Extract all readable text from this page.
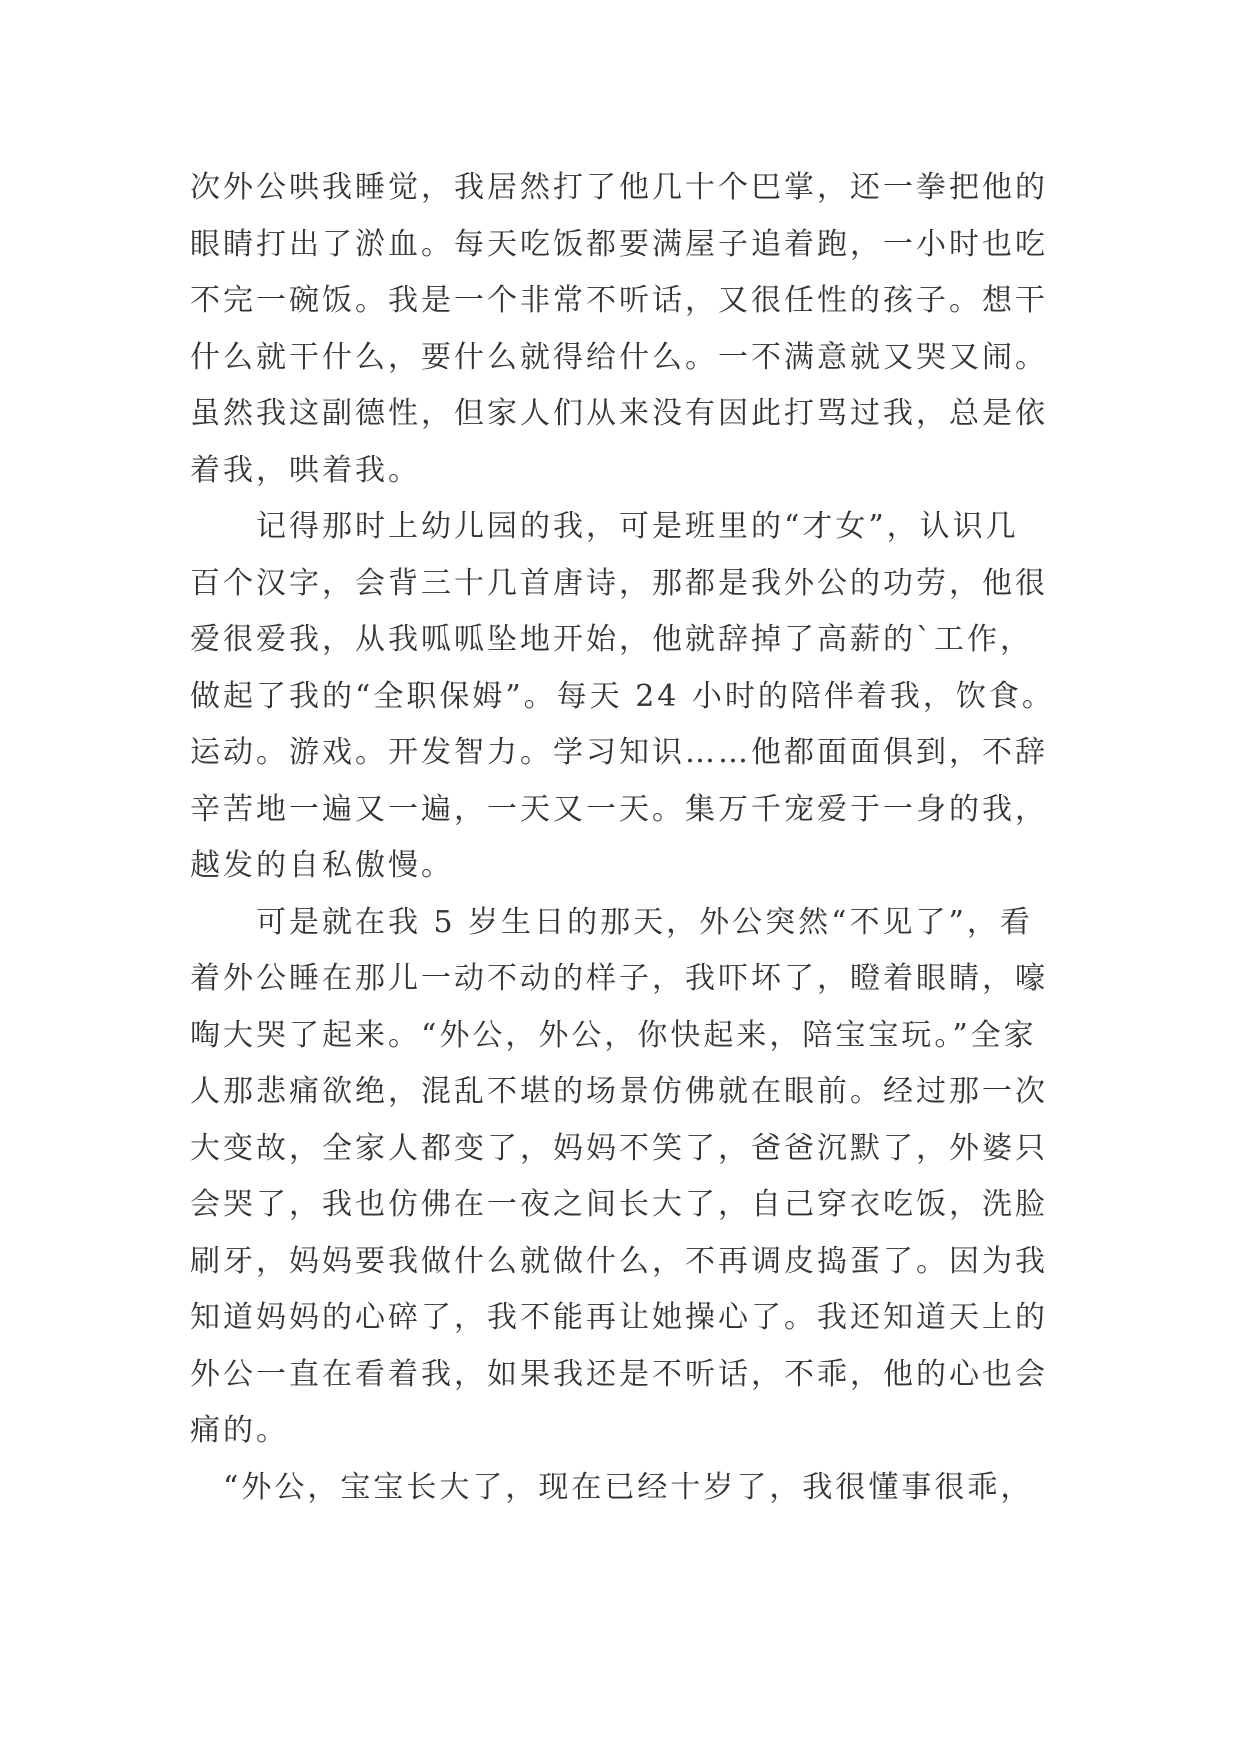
次外公哄我睡觉，我居然打了他几十个巴掌，还一拳把他的
眼睛打出了淤血。每天吃饭都要满屋子追着跑，一小时也吃
不完一碗饭。我是一个非常不听话，又很任性的孩子。想干
什么就干什么，要什么就得给什么。一不满意就又哭又闹。
虽然我这副德性，但家人们从来没有因此打骂过我，总是依
着我，哄着我。
　　记得那时上幼儿园的我，可是班里的“才女”，认识几
百个汉字，会背三十几首唐诗，那都是我外公的功劳，他很
爱很爱我，从我呱呱坠地开始，他就辞掉了高薪的`工作，
做起了我的“全职保姆”。每天 24 小时的陪伴着我，饮食。
运动。游戏。开发智力。学习知识……他都面面俱到，不辞
辛苦地一遍又一遍，一天又一天。集万千宠爱于一身的我，
越发的自私傲慢。
　　可是就在我 5 岁生日的那天，外公突然“不见了”，看
着外公睡在那儿一动不动的样子，我吓坏了，瞪着眼睛，嚎
啕大哭了起来。“外公，外公，你快起来，陪宝宝玩。”全家
人那悲痛欲绝，混乱不堪的场景仿佛就在眼前。经过那一次
大变故，全家人都变了，妈妈不笑了，爸爸沉默了，外婆只
会哭了，我也仿佛在一夜之间长大了，自己穿衣吃饭，洗脸
刷牙，妈妈要我做什么就做什么，不再调皮捣蛋了。因为我
知道妈妈的心碎了，我不能再让她操心了。我还知道天上的
外公一直在看着我，如果我还是不听话，不乖，他的心也会
痛的。
　“外公，宝宝长大了，现在已经十岁了，我很懂事很乖，
